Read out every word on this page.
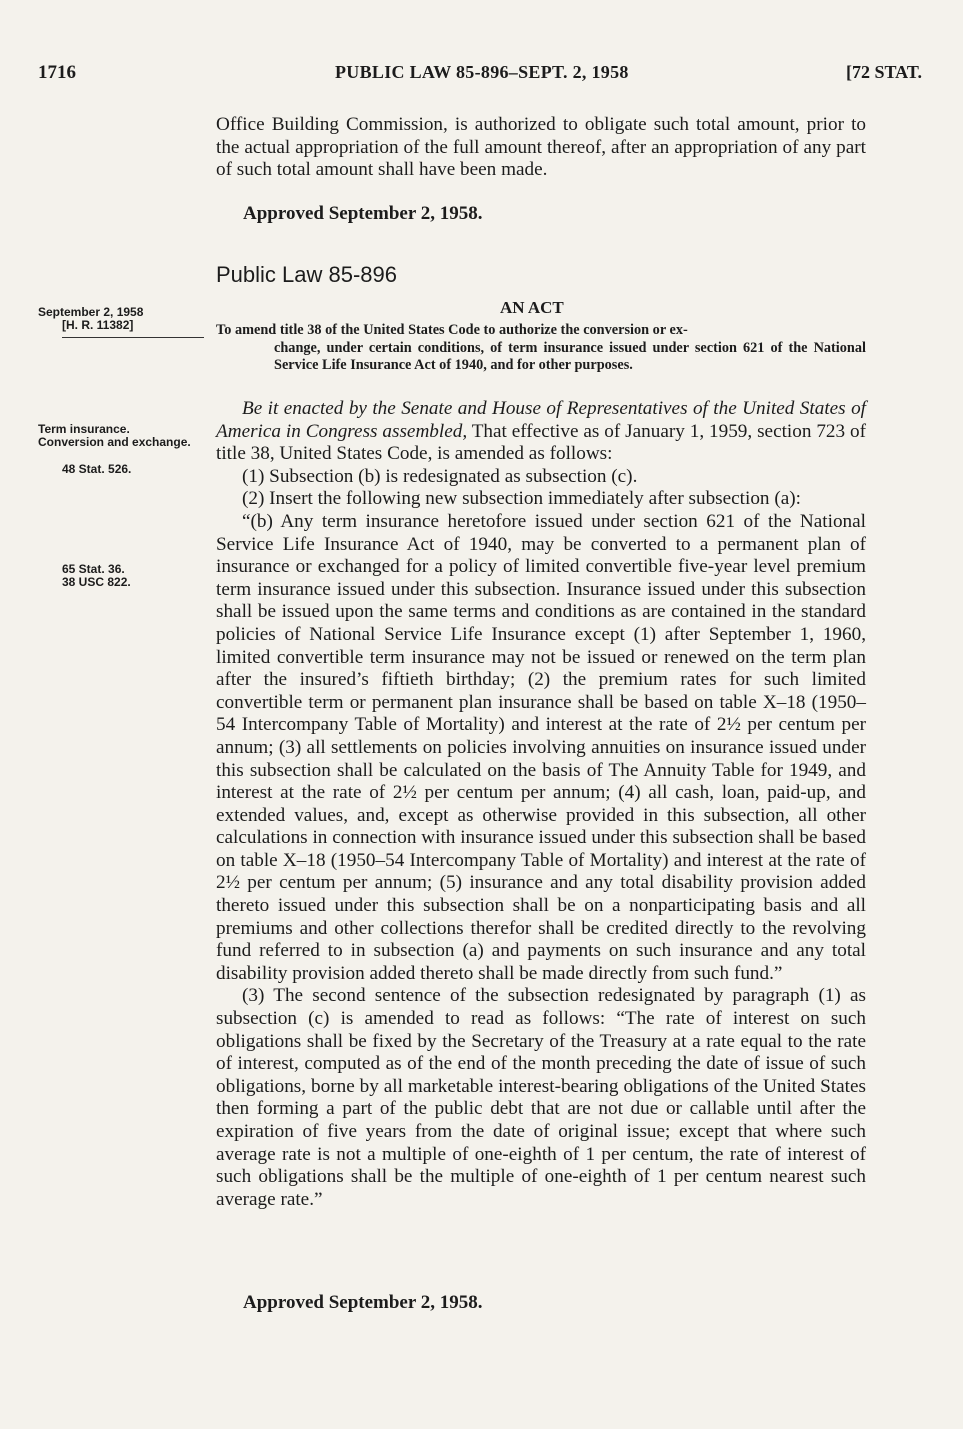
1716	PUBLIC LAW 85-896–SEPT. 2, 1958	[72 STAT.

Office Building Commission, is authorized to obligate such total amount, prior to the actual appropriation of the full amount thereof, after an appropriation of any part of such total amount shall have been made.

Approved September 2, 1958.
Public Law 85-896
September 2, 1958
[H. R. 11382]
AN ACT
To amend title 38 of the United States Code to authorize the conversion or ex-
change, under certain conditions, of term insurance issued under section 621 of the National Service Life Insurance Act of 1940, and for other purposes.
Term insurance.
Conversion and exchange.
48 Stat. 526.
65 Stat. 36.
38 USC 822.

Be it enacted by the Senate and House of Representatives of the United States of America in Congress assembled, That effective as of January 1, 1959, section 723 of title 38, United States Code, is amended as follows:

(1) Subsection (b) is redesignated as subsection (c).

(2) Insert the following new subsection immediately after subsection (a):

“(b) Any term insurance heretofore issued under section 621 of the National Service Life Insurance Act of 1940, may be converted to a permanent plan of insurance or exchanged for a policy of limited convertible five-year level premium term insurance issued under this subsection. Insurance issued under this subsection shall be issued upon the same terms and conditions as are contained in the standard policies of National Service Life Insurance except (1) after September 1, 1960, limited convertible term insurance may not be issued or renewed on the term plan after the insured’s fiftieth birthday; (2) the premium rates for such limited convertible term or permanent plan insurance shall be based on table X–18 (1950–54 Intercompany Table of Mortality) and interest at the rate of 2½ per centum per annum; (3) all settlements on policies involving annuities on insurance issued under this subsection shall be calculated on the basis of The Annuity Table for 1949, and interest at the rate of 2½ per centum per annum; (4) all cash, loan, paid-up, and extended values, and, except as otherwise provided in this subsection, all other calculations in connection with insurance issued under this subsection shall be based on table X–18 (1950–54 Intercompany Table of Mortality) and interest at the rate of 2½ per centum per annum; (5) insurance and any total disability provision added thereto issued under this subsection shall be on a nonparticipating basis and all premiums and other collections therefor shall be credited directly to the revolving fund referred to in subsection (a) and payments on such insurance and any total disability provision added thereto shall be made directly from such fund.”

(3) The second sentence of the subsection redesignated by paragraph (1) as subsection (c) is amended to read as follows: “The rate of interest on such obligations shall be fixed by the Secretary of the Treasury at a rate equal to the rate of interest, computed as of the end of the month preceding the date of issue of such obligations, borne by all marketable interest-bearing obligations of the United States then forming a part of the public debt that are not due or callable until after the expiration of five years from the date of original issue; except that where such average rate is not a multiple of one-eighth of 1 per centum, the rate of interest of such obligations shall be the multiple of one-eighth of 1 per centum nearest such average rate.”

Approved September 2, 1958.
